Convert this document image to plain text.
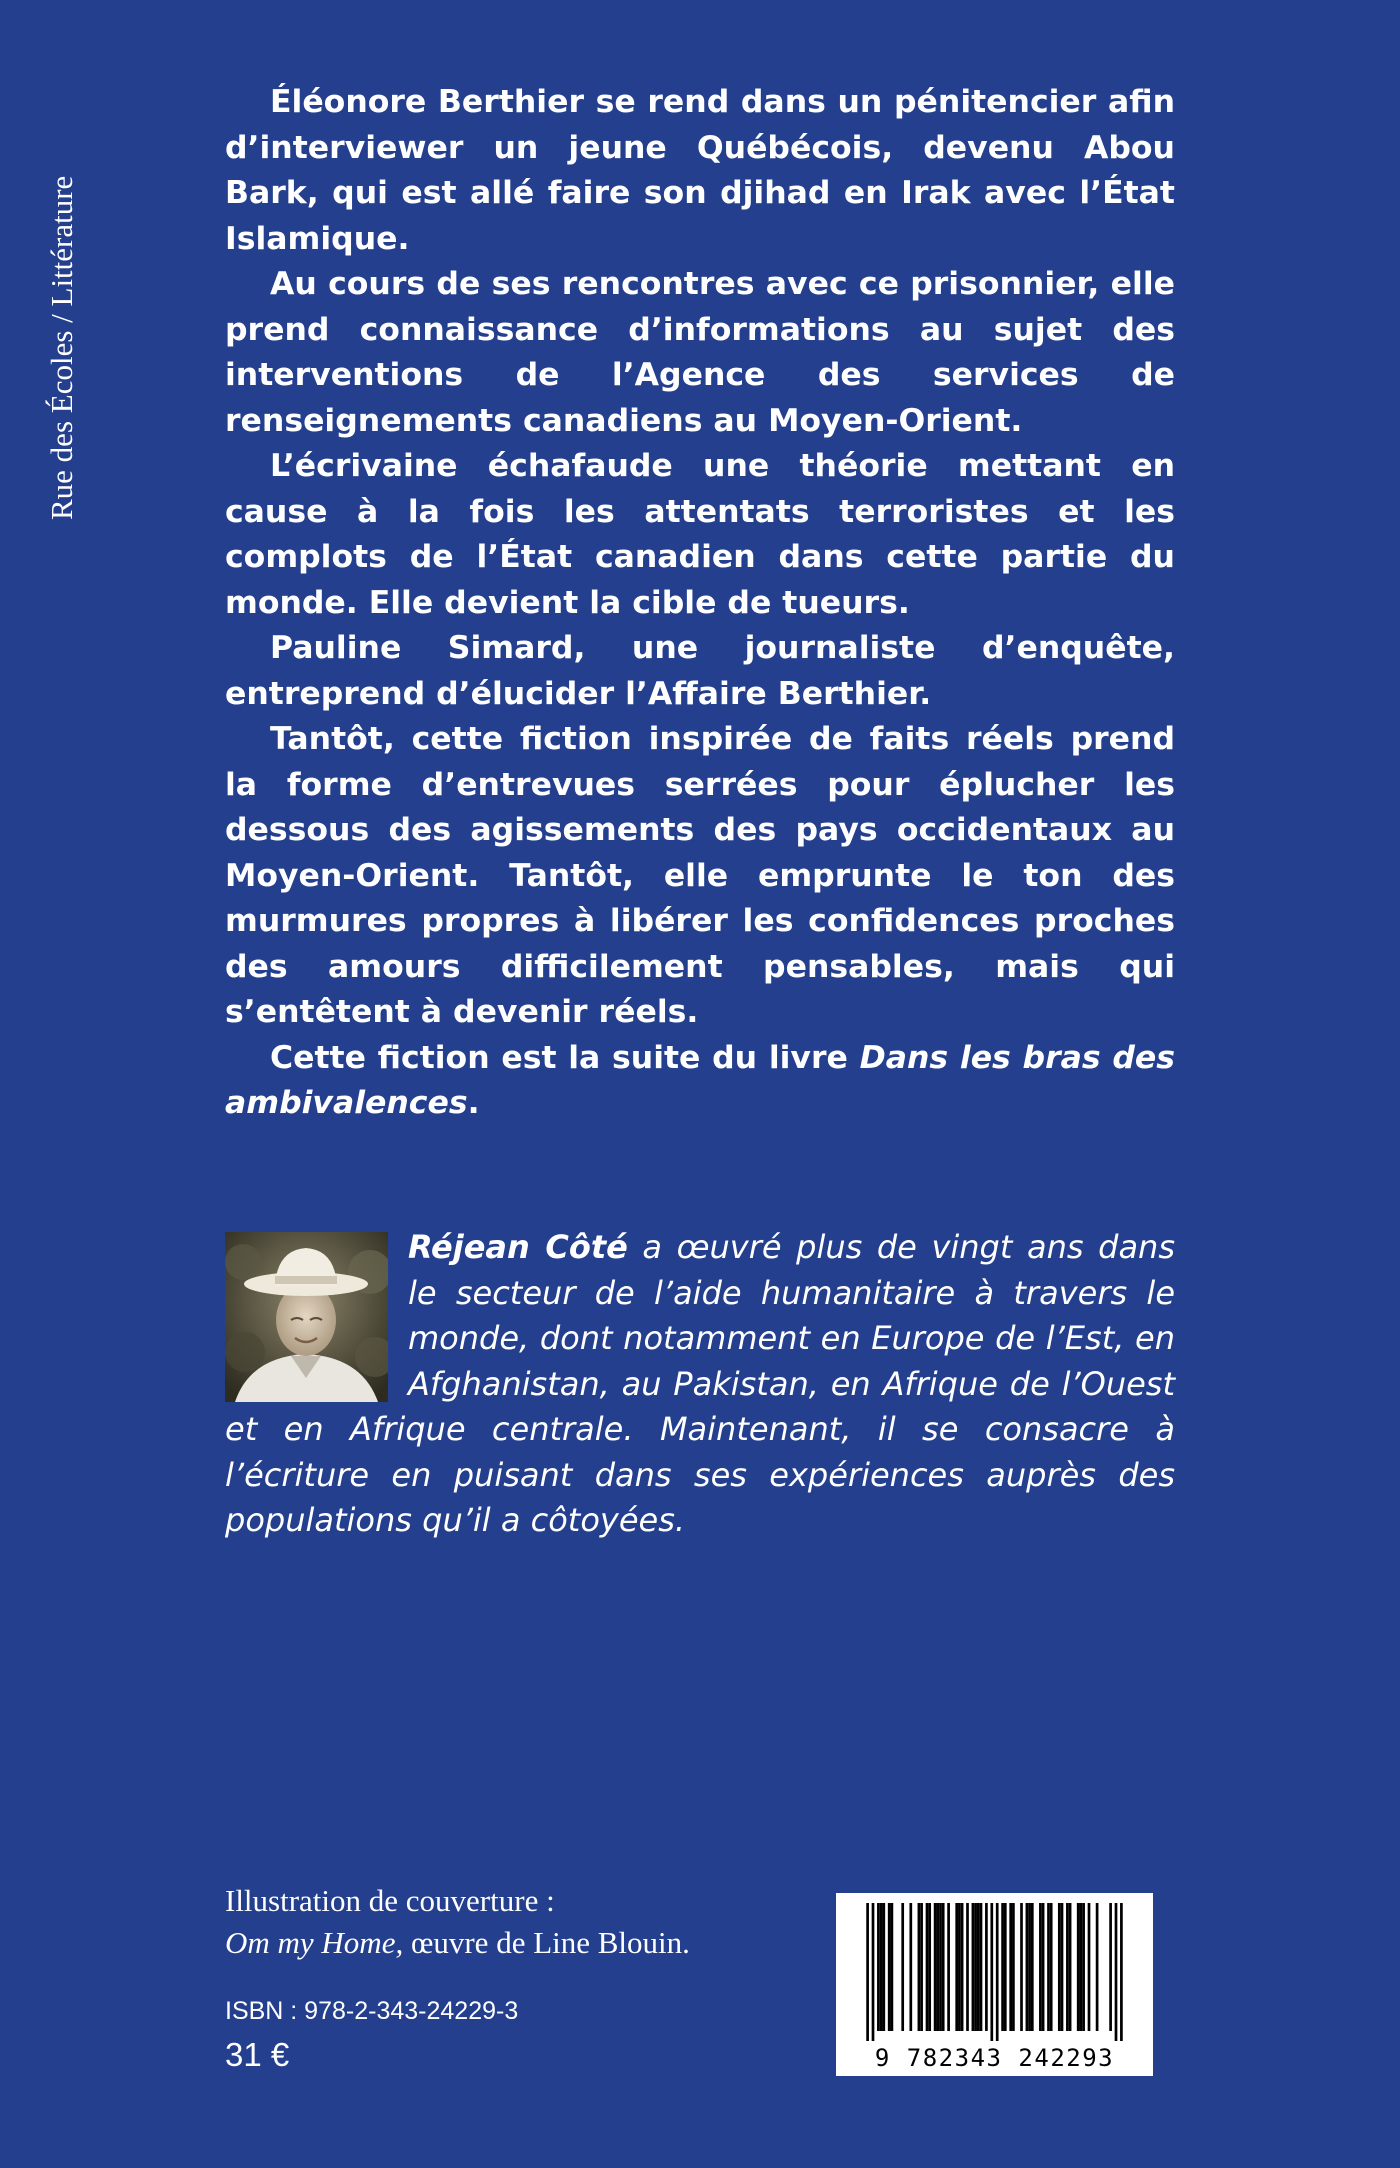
Rue des Écoles / Littérature

Éléonore Berthier se rend dans un pénitencier afin d’interviewer un jeune Québécois, devenu Abou Bark, qui est allé faire son djihad en Irak avec l’État Islamique.

Au cours de ses rencontres avec ce prisonnier, elle prend connaissance d’informations au sujet des interventions de l’Agence des services de renseignements canadiens au Moyen-Orient.

L’écrivaine échafaude une théorie mettant en cause à la fois les attentats terroristes et les complots de l’État canadien dans cette partie du monde. Elle devient la cible de tueurs.

Pauline Simard, une journaliste d’enquête, entreprend d’élucider l’Affaire Berthier.

Tantôt, cette fiction inspirée de faits réels prend la forme d’entrevues serrées pour éplucher les dessous des agissements des pays occidentaux au Moyen-Orient. Tantôt, elle emprunte le ton des murmures propres à libérer les confidences proches des amours difficilement pensables, mais qui s’entêtent à devenir réels.

Cette fiction est la suite du livre Dans les bras des ambivalences.

Réjean Côté a œuvré plus de vingt ans dans le secteur de l’aide humanitaire à travers le monde, dont notamment en Europe de l’Est, en Afghanistan, au Pakistan, en Afrique de l’Ouest et en Afrique centrale. Maintenant, il se consacre à l’écriture en puisant dans ses expériences auprès des populations qu’il a côtoyées.
Illustration de couverture :
Om my Home, œuvre de Line Blouin.
ISBN : 978-2-343-24229-3
31 €	9 782343 242293
